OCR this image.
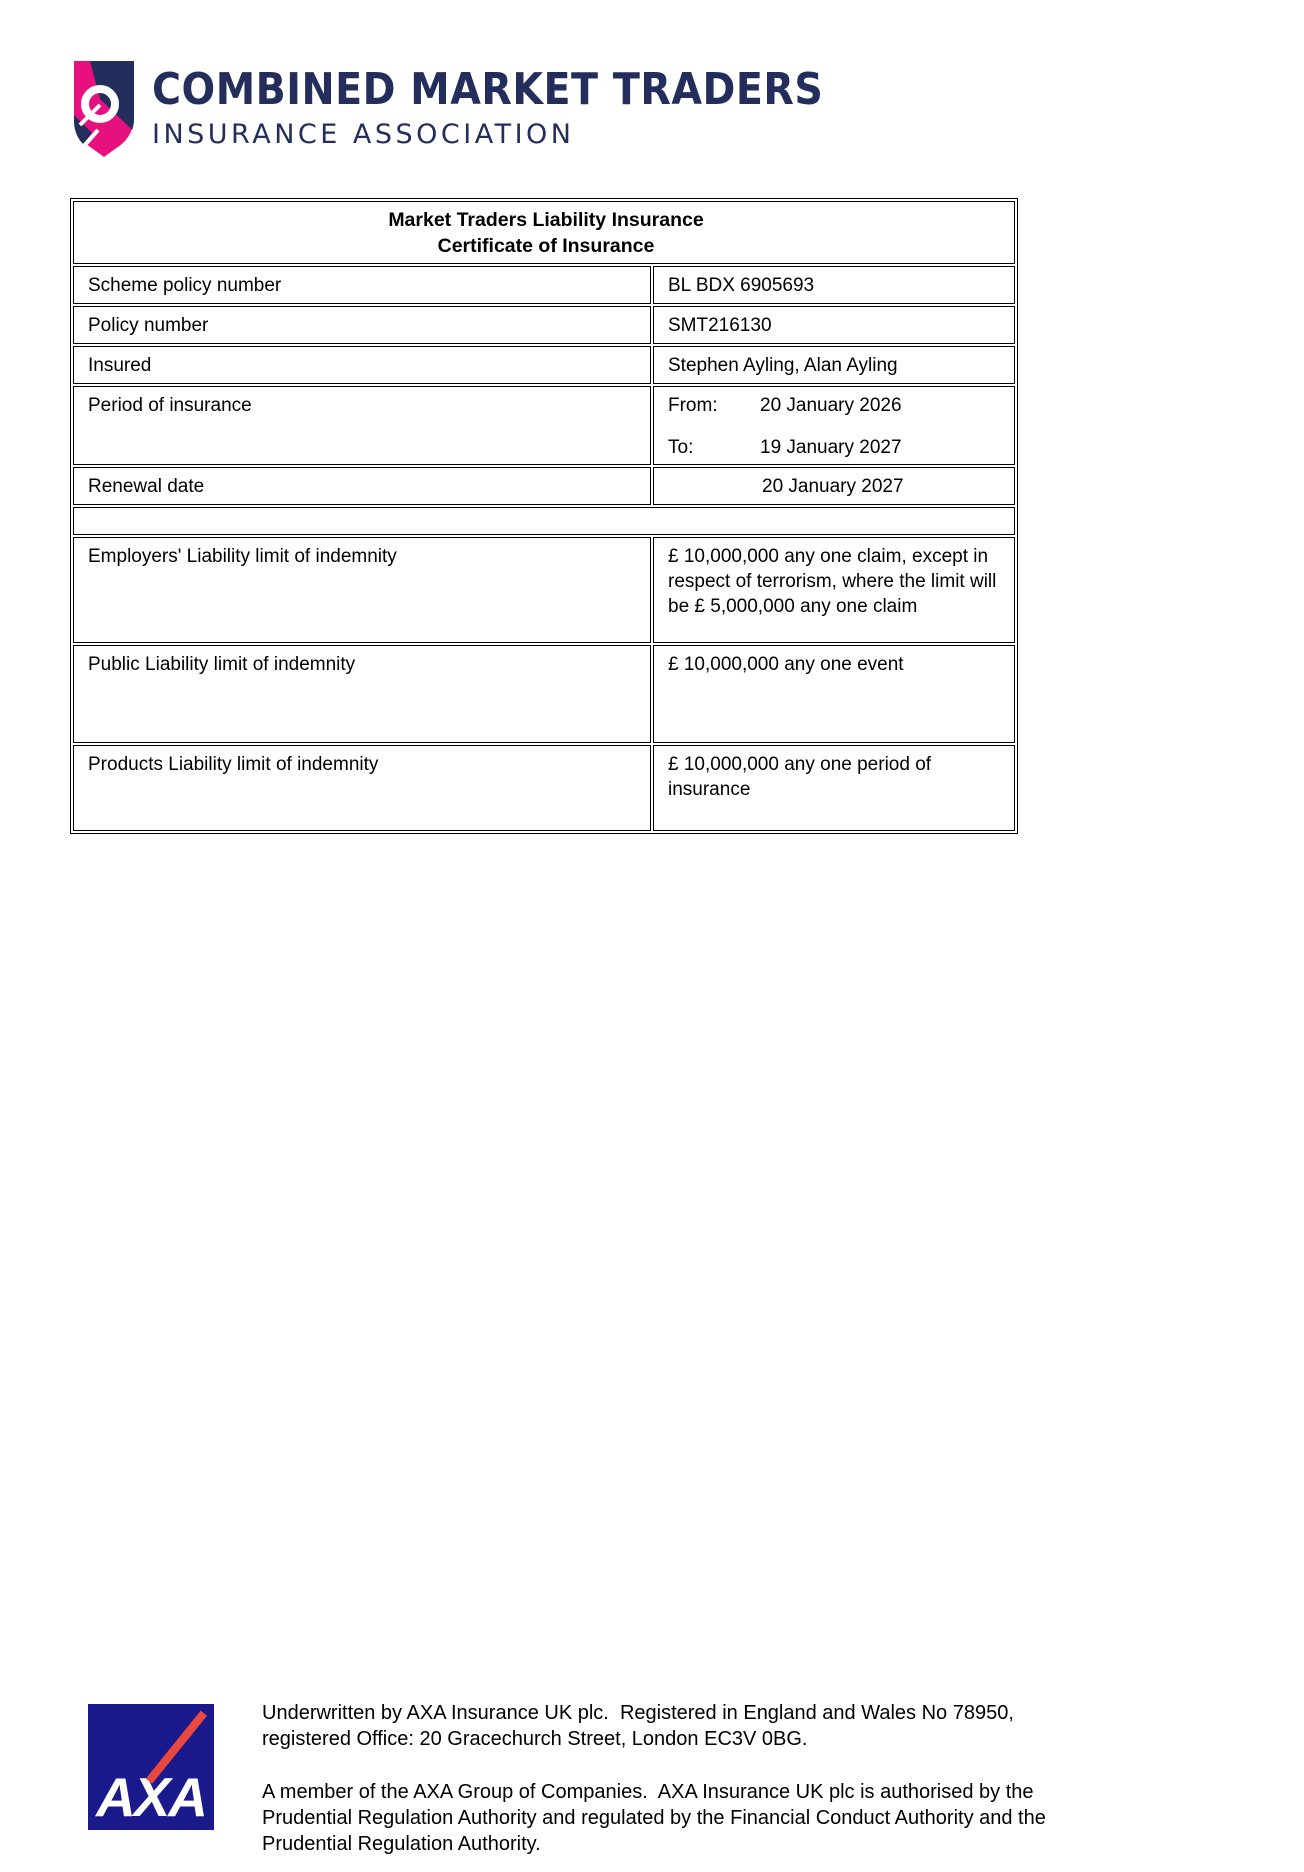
COMBINED MARKET TRADERS
INSURANCE ASSOCIATION
Market Traders Liability Insurance
Certificate of Insurance	

Scheme policy number	BL BDX 6905693
Policy number	SMT216130
Insured	Stephen Ayling, Alan Ayling
Period of insurance	From: 20 January 2026
To: 19 January 2027

Renewal date	20 January 2027

Employers' Liability limit of indemnity	£ 10,000,000 any one claim, except in respect of terrorism, where the limit will be £ 5,000,000 any one claim
Public Liability limit of indemnity	£ 10,000,000 any one event
Products Liability limit of indemnity	£ 10,000,000 any one period of insurance
AXA

Underwritten by AXA Insurance UK plc.  Registered in England and Wales No 78950, registered Office: 20 Gracechurch Street, London EC3V 0BG.

A member of the AXA Group of Companies.  AXA Insurance UK plc is authorised by the Prudential Regulation Authority and regulated by the Financial Conduct Authority and the Prudential Regulation Authority.
